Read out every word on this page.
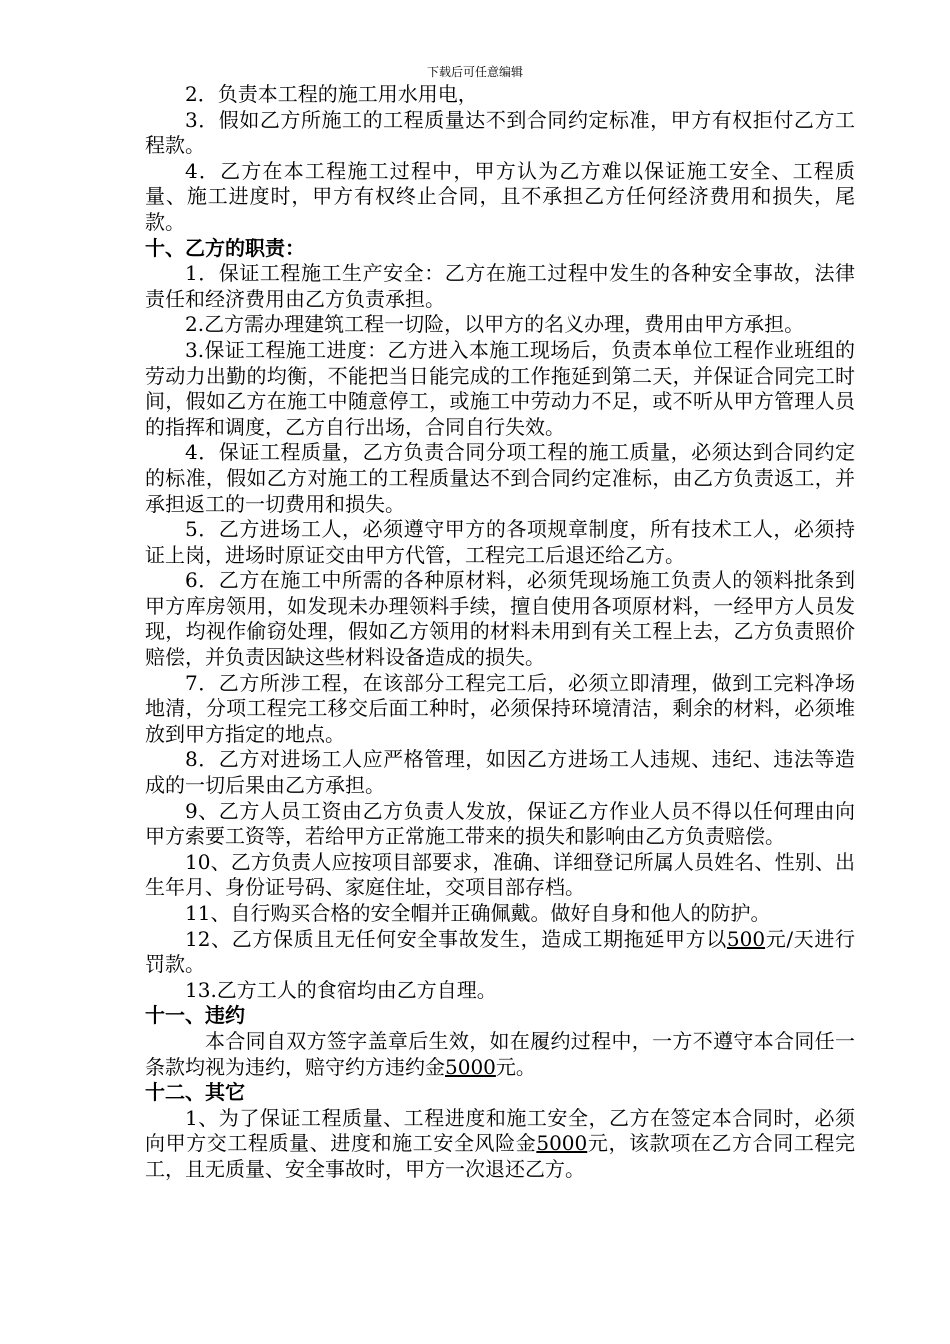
下载后可任意编辑

2．负责本工程的施工用水用电，

3．假如乙方所施工的工程质量达不到合同约定标准，甲方有权拒付乙方工程款。

4．乙方在本工程施工过程中，甲方认为乙方难以保证施工安全、工程质量、施工进度时，甲方有权终止合同，且不承担乙方任何经济费用和损失，尾款。

十、乙方的职责：

1．保证工程施工生产安全：乙方在施工过程中发生的各种安全事故，法律责任和经济费用由乙方负责承担。

2.乙方需办理建筑工程一切险，以甲方的名义办理，费用由甲方承担。

3.保证工程施工进度：乙方进入本施工现场后，负责本单位工程作业班组的劳动力出勤的均衡，不能把当日能完成的工作拖延到第二天，并保证合同完工时间，假如乙方在施工中随意停工，或施工中劳动力不足，或不听从甲方管理人员的指挥和调度，乙方自行出场，合同自行失效。

4．保证工程质量，乙方负责合同分项工程的施工质量，必须达到合同约定的标准，假如乙方对施工的工程质量达不到合同约定准标，由乙方负责返工，并承担返工的一切费用和损失。

5．乙方进场工人，必须遵守甲方的各项规章制度，所有技术工人，必须持证上岗，进场时原证交由甲方代管，工程完工后退还给乙方。

6．乙方在施工中所需的各种原材料，必须凭现场施工负责人的领料批条到甲方库房领用，如发现未办理领料手续，擅自使用各项原材料，一经甲方人员发现，均视作偷窃处理，假如乙方领用的材料未用到有关工程上去，乙方负责照价赔偿，并负责因缺这些材料设备造成的损失。

7．乙方所涉工程，在该部分工程完工后，必须立即清理，做到工完料净场地清，分项工程完工移交后面工种时，必须保持环境清洁，剩余的材料，必须堆放到甲方指定的地点。

8．乙方对进场工人应严格管理，如因乙方进场工人违规、违纪、违法等造成的一切后果由乙方承担。

9、乙方人员工资由乙方负责人发放，保证乙方作业人员不得以任何理由向甲方索要工资等，若给甲方正常施工带来的损失和影响由乙方负责赔偿。

10、乙方负责人应按项目部要求，准确、详细登记所属人员姓名、性别、出生年月、身份证号码、家庭住址，交项目部存档。

11、自行购买合格的安全帽并正确佩戴。做好自身和他人的防护。

12、乙方保质且无任何安全事故发生，造成工期拖延甲方以500元/天进行罚款。

13.乙方工人的食宿均由乙方自理。

十一、违约

本合同自双方签字盖章后生效，如在履约过程中，一方不遵守本合同任一条款均视为违约，赔守约方违约金5000元。

十二、其它

1、为了保证工程质量、工程进度和施工安全，乙方在签定本合同时，必须向甲方交工程质量、进度和施工安全风险金5000元，该款项在乙方合同工程完工，且无质量、安全事故时，甲方一次退还乙方。
